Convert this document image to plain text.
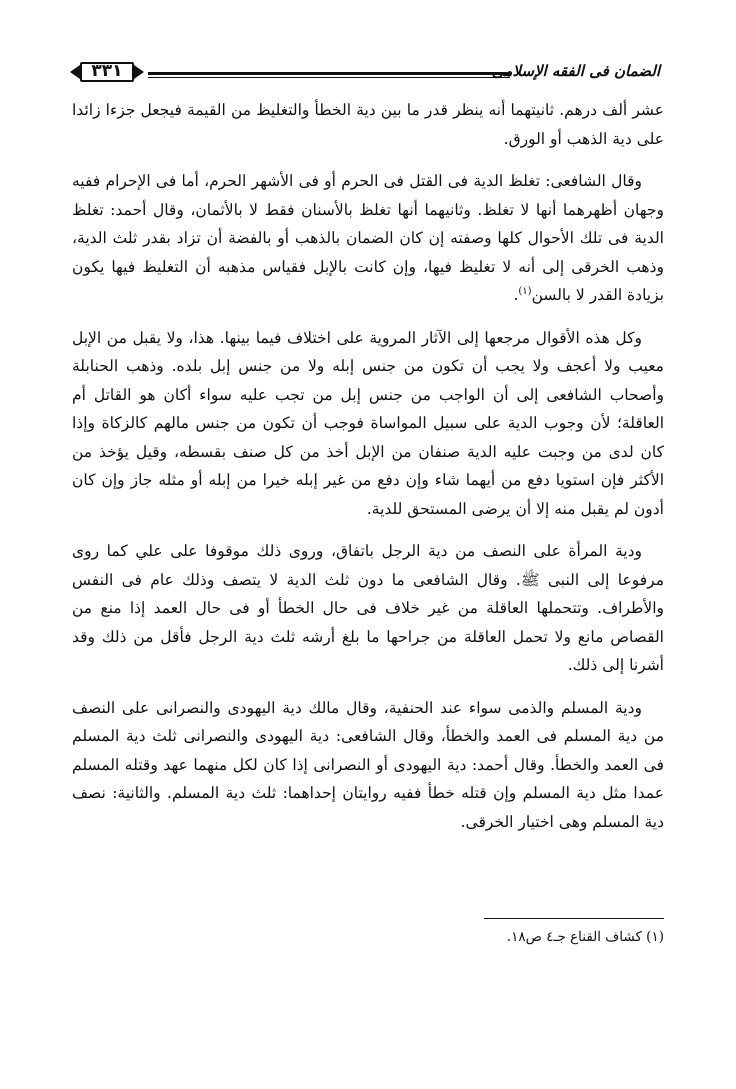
٣٣١	الضمان فى الفقه الإسلامى

عشر ألف درهم. ثانيتهما أنه ينظر قدر ما بين دية الخطأ والتغليظ من القيمة فيجعل جزءا زائدا على دية الذهب أو الورق.

وقال الشافعى: تغلظ الدية فى القتل فى الحرم أو فى الأشهر الحرم، أما فى الإحرام ففيه وجهان أظهرهما أنها لا تغلظ. وثانيهما أنها تغلظ بالأسنان فقط لا بالأثمان، وقال أحمد: تغلظ الدية فى تلك الأحوال كلها وصفته إن كان الضمان بالذهب أو بالفضة أن تزاد بقدر ثلث الدية، وذهب الخرقى إلى أنه لا تغليظ فيها، وإن كانت بالإبل فقياس مذهبه أن التغليظ فيها يكون بزيادة القدر لا بالسن$^{(١)}$.

وكل هذه الأقوال مرجعها إلى الآثار المروية على اختلاف فيما بينها. هذا، ولا يقبل من الإبل معيب ولا أعجف ولا يجب أن تكون من جنس إبله ولا من جنس إبل بلده. وذهب الحنابلة وأصحاب الشافعى إلى أن الواجب من جنس إبل من تجب عليه سواء أكان هو القاتل أم العاقلة؛ لأن وجوب الدية على سبيل المواساة فوجب أن تكون من جنس مالهم كالزكاة وإذا كان لدى من وجبت عليه الدية صنفان من الإبل أخذ من كل صنف بقسطه، وقيل يؤخذ من الأكثر فإن استويا دفع من أيهما شاء وإن دفع من غير إبله خيرا من إبله أو مثله جاز وإن كان أدون لم يقبل منه إلا أن يرضى المستحق للدية.

ودية المرأة على النصف من دية الرجل باتفاق، وروى ذلك موقوفا على علي كما روى مرفوعا إلى النبى ﷺ. وقال الشافعى ما دون ثلث الدية لا يتصف وذلك عام فى النفس والأطراف. وتتحملها العاقلة من غير خلاف فى حال الخطأ أو فى حال العمد إذا منع من القصاص مانع ولا تحمل العاقلة من جراحها ما بلغ أرشه ثلث دية الرجل فأقل من ذلك وقد أشرنا إلى ذلك.

ودية المسلم والذمى سواء عند الحنفية، وقال مالك دية اليهودى والنصرانى على النصف من دية المسلم فى العمد والخطأ، وقال الشافعى: دية اليهودى والنصرانى ثلث دية المسلم فى العمد والخطأ. وقال أحمد: دية اليهودى أو النصرانى إذا كان لكل منهما عهد وقتله المسلم عمدا مثل دية المسلم وإن قتله خطأ ففيه روايتان إحداهما: ثلث دية المسلم. والثانية: نصف دية المسلم وهى اختيار الخرقى.

(١) كشاف القناع جـ٤ ص١٨.
